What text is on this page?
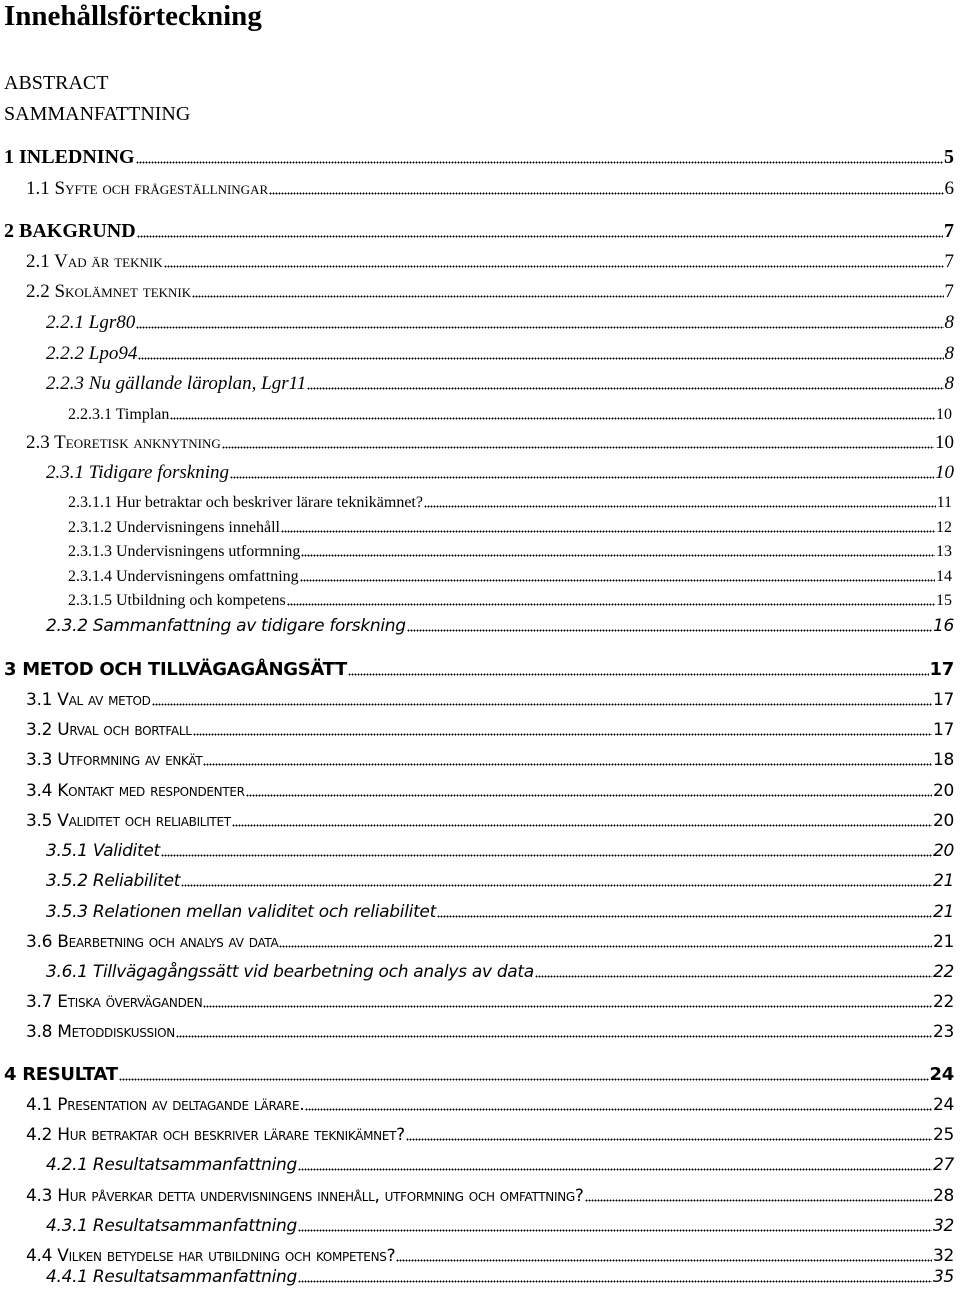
Innehållsförteckning
ABSTRACT
SAMMANFATTNING
1 INLEDNING	5
1.1 Syfte och frågeställningar	6
2 BAKGRUND	7
2.1 Vad är teknik	7
2.2 Skolämnet teknik	7
2.2.1 Lgr80	8
2.2.2 Lpo94	8
2.2.3 Nu gällande läroplan, Lgr11	8
2.2.3.1 Timplan	10
2.3 Teoretisk anknytning	10
2.3.1 Tidigare forskning	10
2.3.1.1 Hur betraktar och beskriver lärare teknikämnet?	11
2.3.1.2 Undervisningens innehåll	12
2.3.1.3 Undervisningens utformning	13
2.3.1.4 Undervisningens omfattning	14
2.3.1.5 Utbildning och kompetens	15
2.3.2 Sammanfattning av tidigare forskning	16
3 METOD OCH TILLVÄGAGÅNGSÄTT	17
3.1 Val av metod	17
3.2 Urval och bortfall	17
3.3 Utformning av enkät	18
3.4 Kontakt med respondenter	20
3.5 Validitet och reliabilitet	20
3.5.1 Validitet	20
3.5.2 Reliabilitet	21
3.5.3 Relationen mellan validitet och reliabilitet	21
3.6 Bearbetning och analys av data	21
3.6.1 Tillvägagångssätt vid bearbetning och analys av data	22
3.7 Etiska överväganden	22
3.8 Metoddiskussion	23
4 RESULTAT	24
4.1 Presentation av deltagande lärare.	24
4.2 Hur betraktar och beskriver lärare teknikämnet?	25
4.2.1 Resultatsammanfattning	27
4.3 Hur påverkar detta undervisningens innehåll, utformning och omfattning?	28
4.3.1 Resultatsammanfattning	32
4.4 Vilken betydelse har utbildning och kompetens?	32
4.4.1 Resultatsammanfattning	35
